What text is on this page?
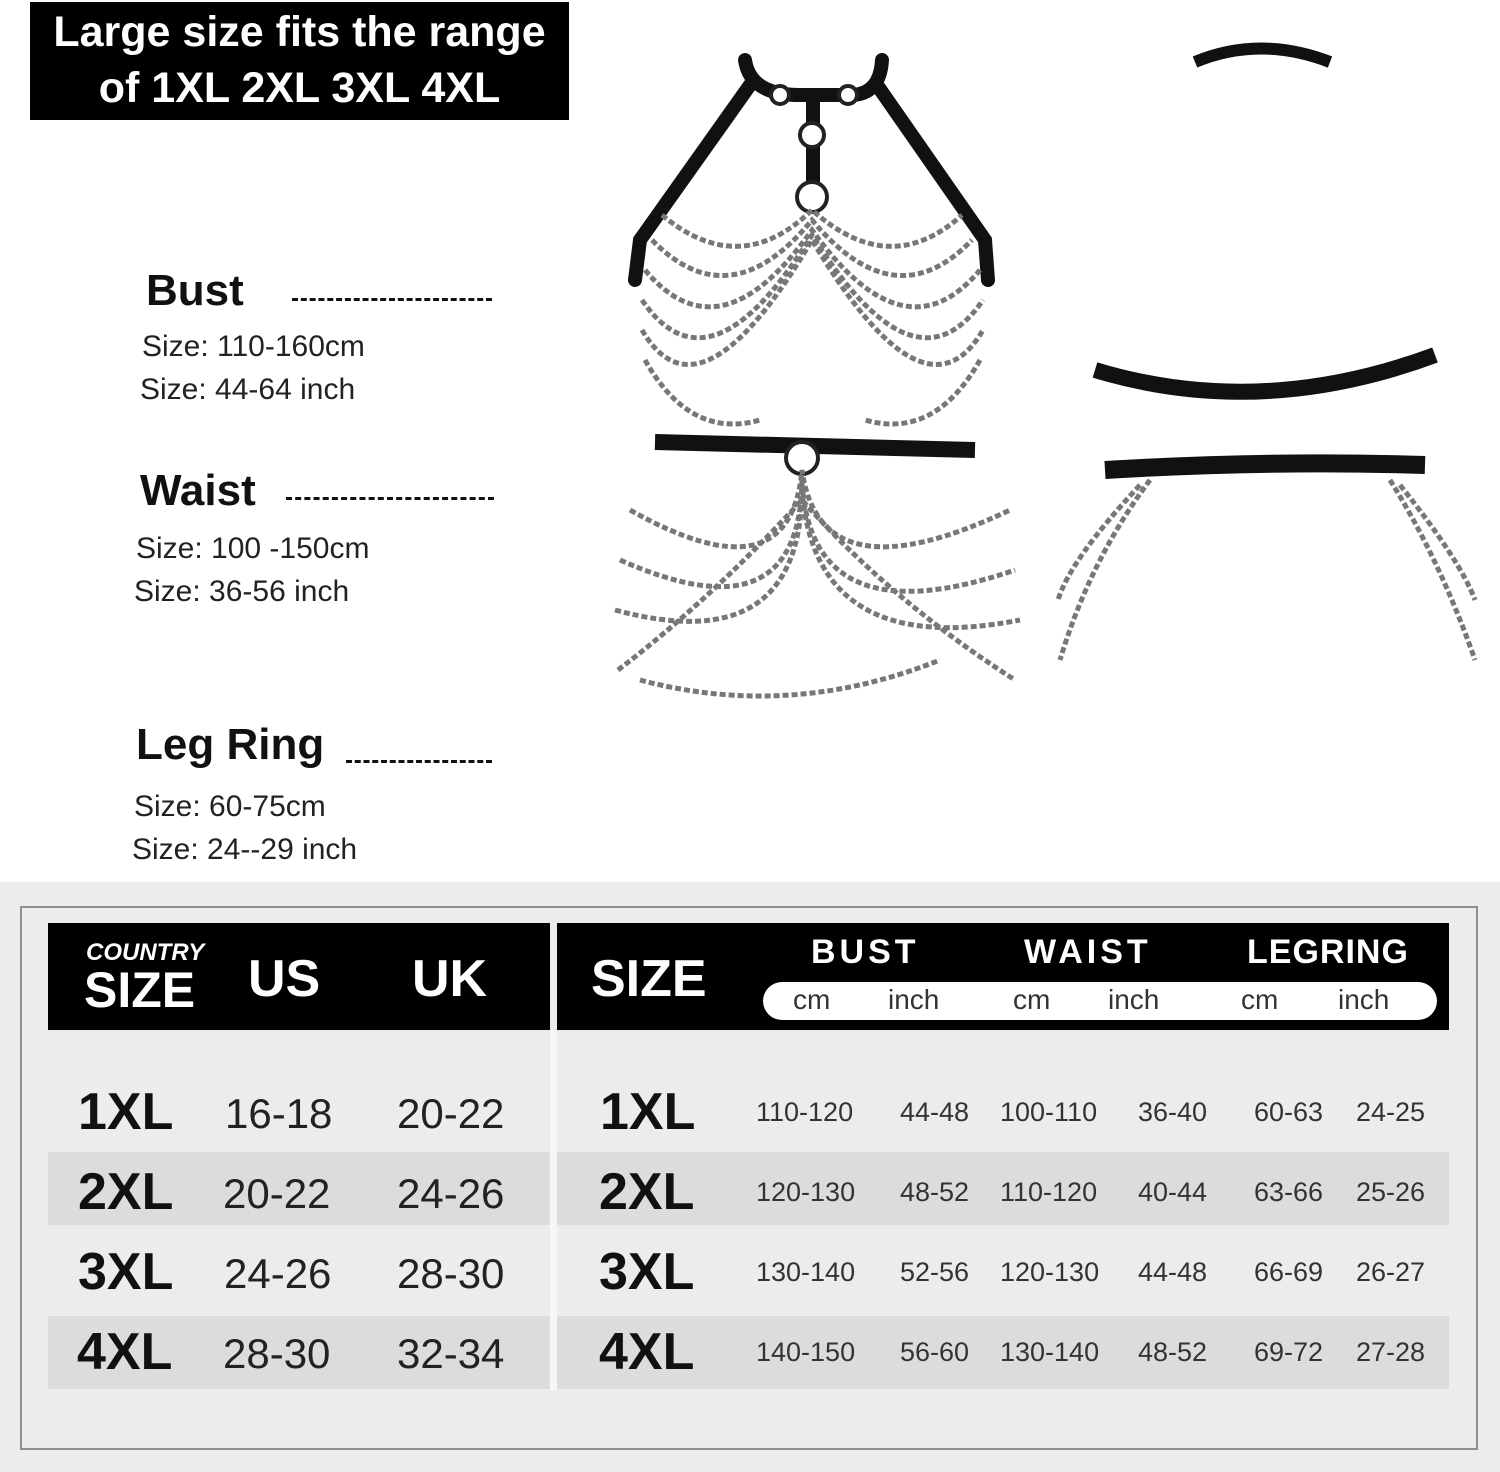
Large size fits the range
of 1XL 2XL 3XL 4XL
Bust
Size: 110-160cm
Size: 44-64 inch
Waist
Size: 100 -150cm
Size: 36-56 inch
Leg Ring
Size: 60-75cm
Size: 24--29 inch
COUNTRY
SIZE US UK SIZE	BUST	WAIST	LEGRING
cm inch	cm inch	cm inch
1XL 16-18 20-22 1XL 110-120 44-48 100-110 36-40 60-63 24-25
2XL 20-22 24-26 2XL 120-130 48-52 110-120 40-44 63-66 25-26
3XL 24-26 28-30 3XL 130-140 52-56 120-130 44-48 66-69 26-27
4XL 28-30 32-34 4XL 140-150 56-60 130-140 48-52 69-72 27-28
